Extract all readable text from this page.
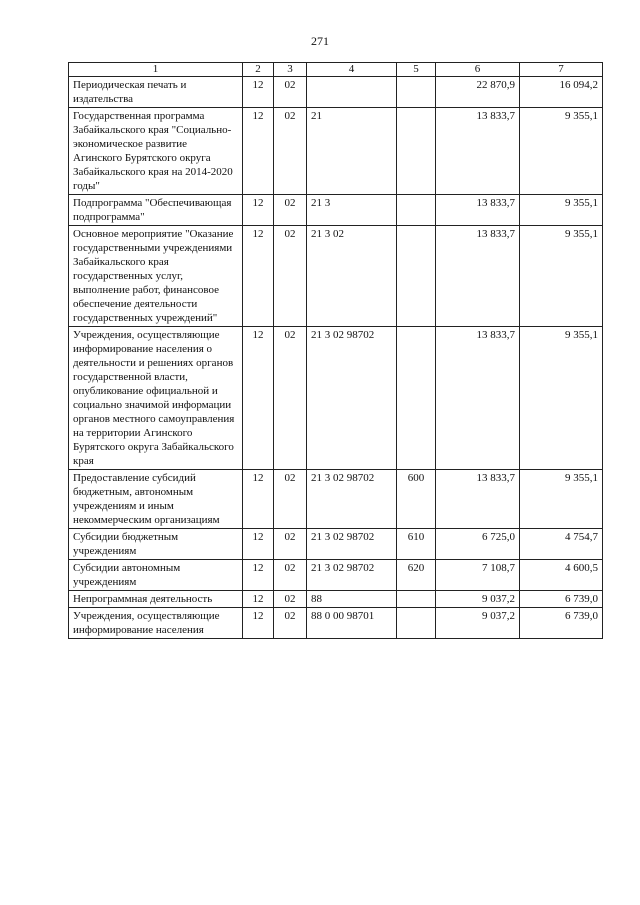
271
1	2	3	4	5	6	7
Периодическая печать и издательства	12	02			22 870,9	16 094,2
Государственная программа Забайкальского края "Социально-экономическое развитие Агинского Бурятского округа Забайкальского края на 2014-2020 годы"	12	02	21		13 833,7	9 355,1
Подпрограмма "Обеспечивающая подпрограмма"	12	02	21 3		13 833,7	9 355,1
Основное мероприятие "Оказание государственными учреждениями Забайкальского края государственных услуг, выполнение работ, финансовое обеспечение деятельности государственных учреждений"	12	02	21 3 02		13 833,7	9 355,1
Учреждения, осуществляющие информирование населения о деятельности и решениях органов государственной власти, опубликование официальной и социально значимой информации органов местного самоуправления на территории Агинского Бурятского округа Забайкальского края	12	02	21 3 02 98702		13 833,7	9 355,1
Предоставление субсидий бюджетным, автономным учреждениям и иным некоммерческим организациям	12	02	21 3 02 98702	600	13 833,7	9 355,1
Субсидии бюджетным учреждениям	12	02	21 3 02 98702	610	6 725,0	4 754,7
Субсидии автономным учреждениям	12	02	21 3 02 98702	620	7 108,7	4 600,5
Непрограммная деятельность	12	02	88		9 037,2	6 739,0
Учреждения, осуществляющие информирование населения	12	02	88 0 00 98701		9 037,2	6 739,0
